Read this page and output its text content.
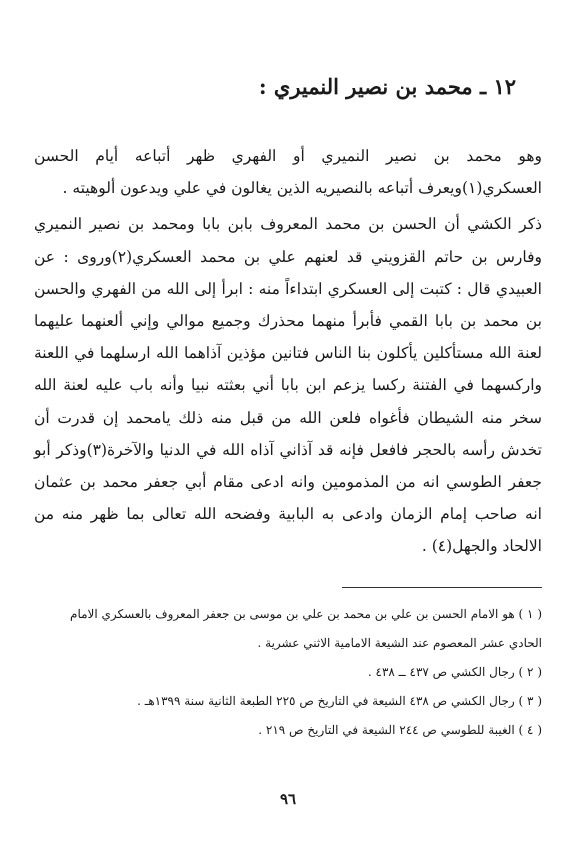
١٢ ـ محمد بن نصير النميري :

وهو محمد بن نصير النميري أو الفهري ظهر أتباعه أيام الحسن العسكري(١)ويعرف أتباعه بالنصيريه الذين يغالون في علي ويدعون ألوهيته .

ذكر الكشي أن الحسن بن محمد المعروف بابن بابا ومحمد بن نصير النميري وفارس بن حاتم القزويني قد لعنهم علي بن محمد العسكري(٢)وروى : عن العبيدي قال : كتبت إلى العسكري ابتداءاً منه : ابرأ إلى الله من الفهري والحسن بن محمد بن بابا القمي فأبرأ منهما محذرك وجميع موالي وإني ألعنهما عليهما لعنة الله مستأكلين يأكلون بنا الناس فتانين مؤذين آذاهما الله ارسلهما في اللعنة واركسهما في الفتنة ركسا يزعم ابن بابا أني بعثته نبيا وأنه باب عليه لعنة الله سخر منه الشيطان فأغواه فلعن الله من قبل منه ذلك يامحمد إن قدرت أن تخدش رأسه بالحجر فافعل فإنه قد آذاني آذاه الله في الدنيا والآخرة(٣)وذكر أبو جعفر الطوسي انه من المذمومين وانه ادعى مقام أبي جعفر محمد بن عثمان انه صاحب إمام الزمان وادعى به البابية وفضحه الله تعالى بما ظهر منه من الالحاد والجهل(٤) .

( ١ ) هو الامام الحسن بن علي بن محمد بن علي بن موسى بن جعفر المعروف بالعسكري الامام الحادي عشر المعصوم عند الشيعة الامامية الاثني عشرية .

( ٢ ) رجال الكشي ص ٤٣٧ ــ ٤٣٨ .

( ٣ ) رجال الكشي ص ٤٣٨ الشيعة في التاريخ ص ٢٢٥ الطبعة الثانية سنة ١٣٩٩هـ .

( ٤ ) الغيبة للطوسي ص ٢٤٤ الشيعة في التاريخ ص ٢١٩ .

٩٦
